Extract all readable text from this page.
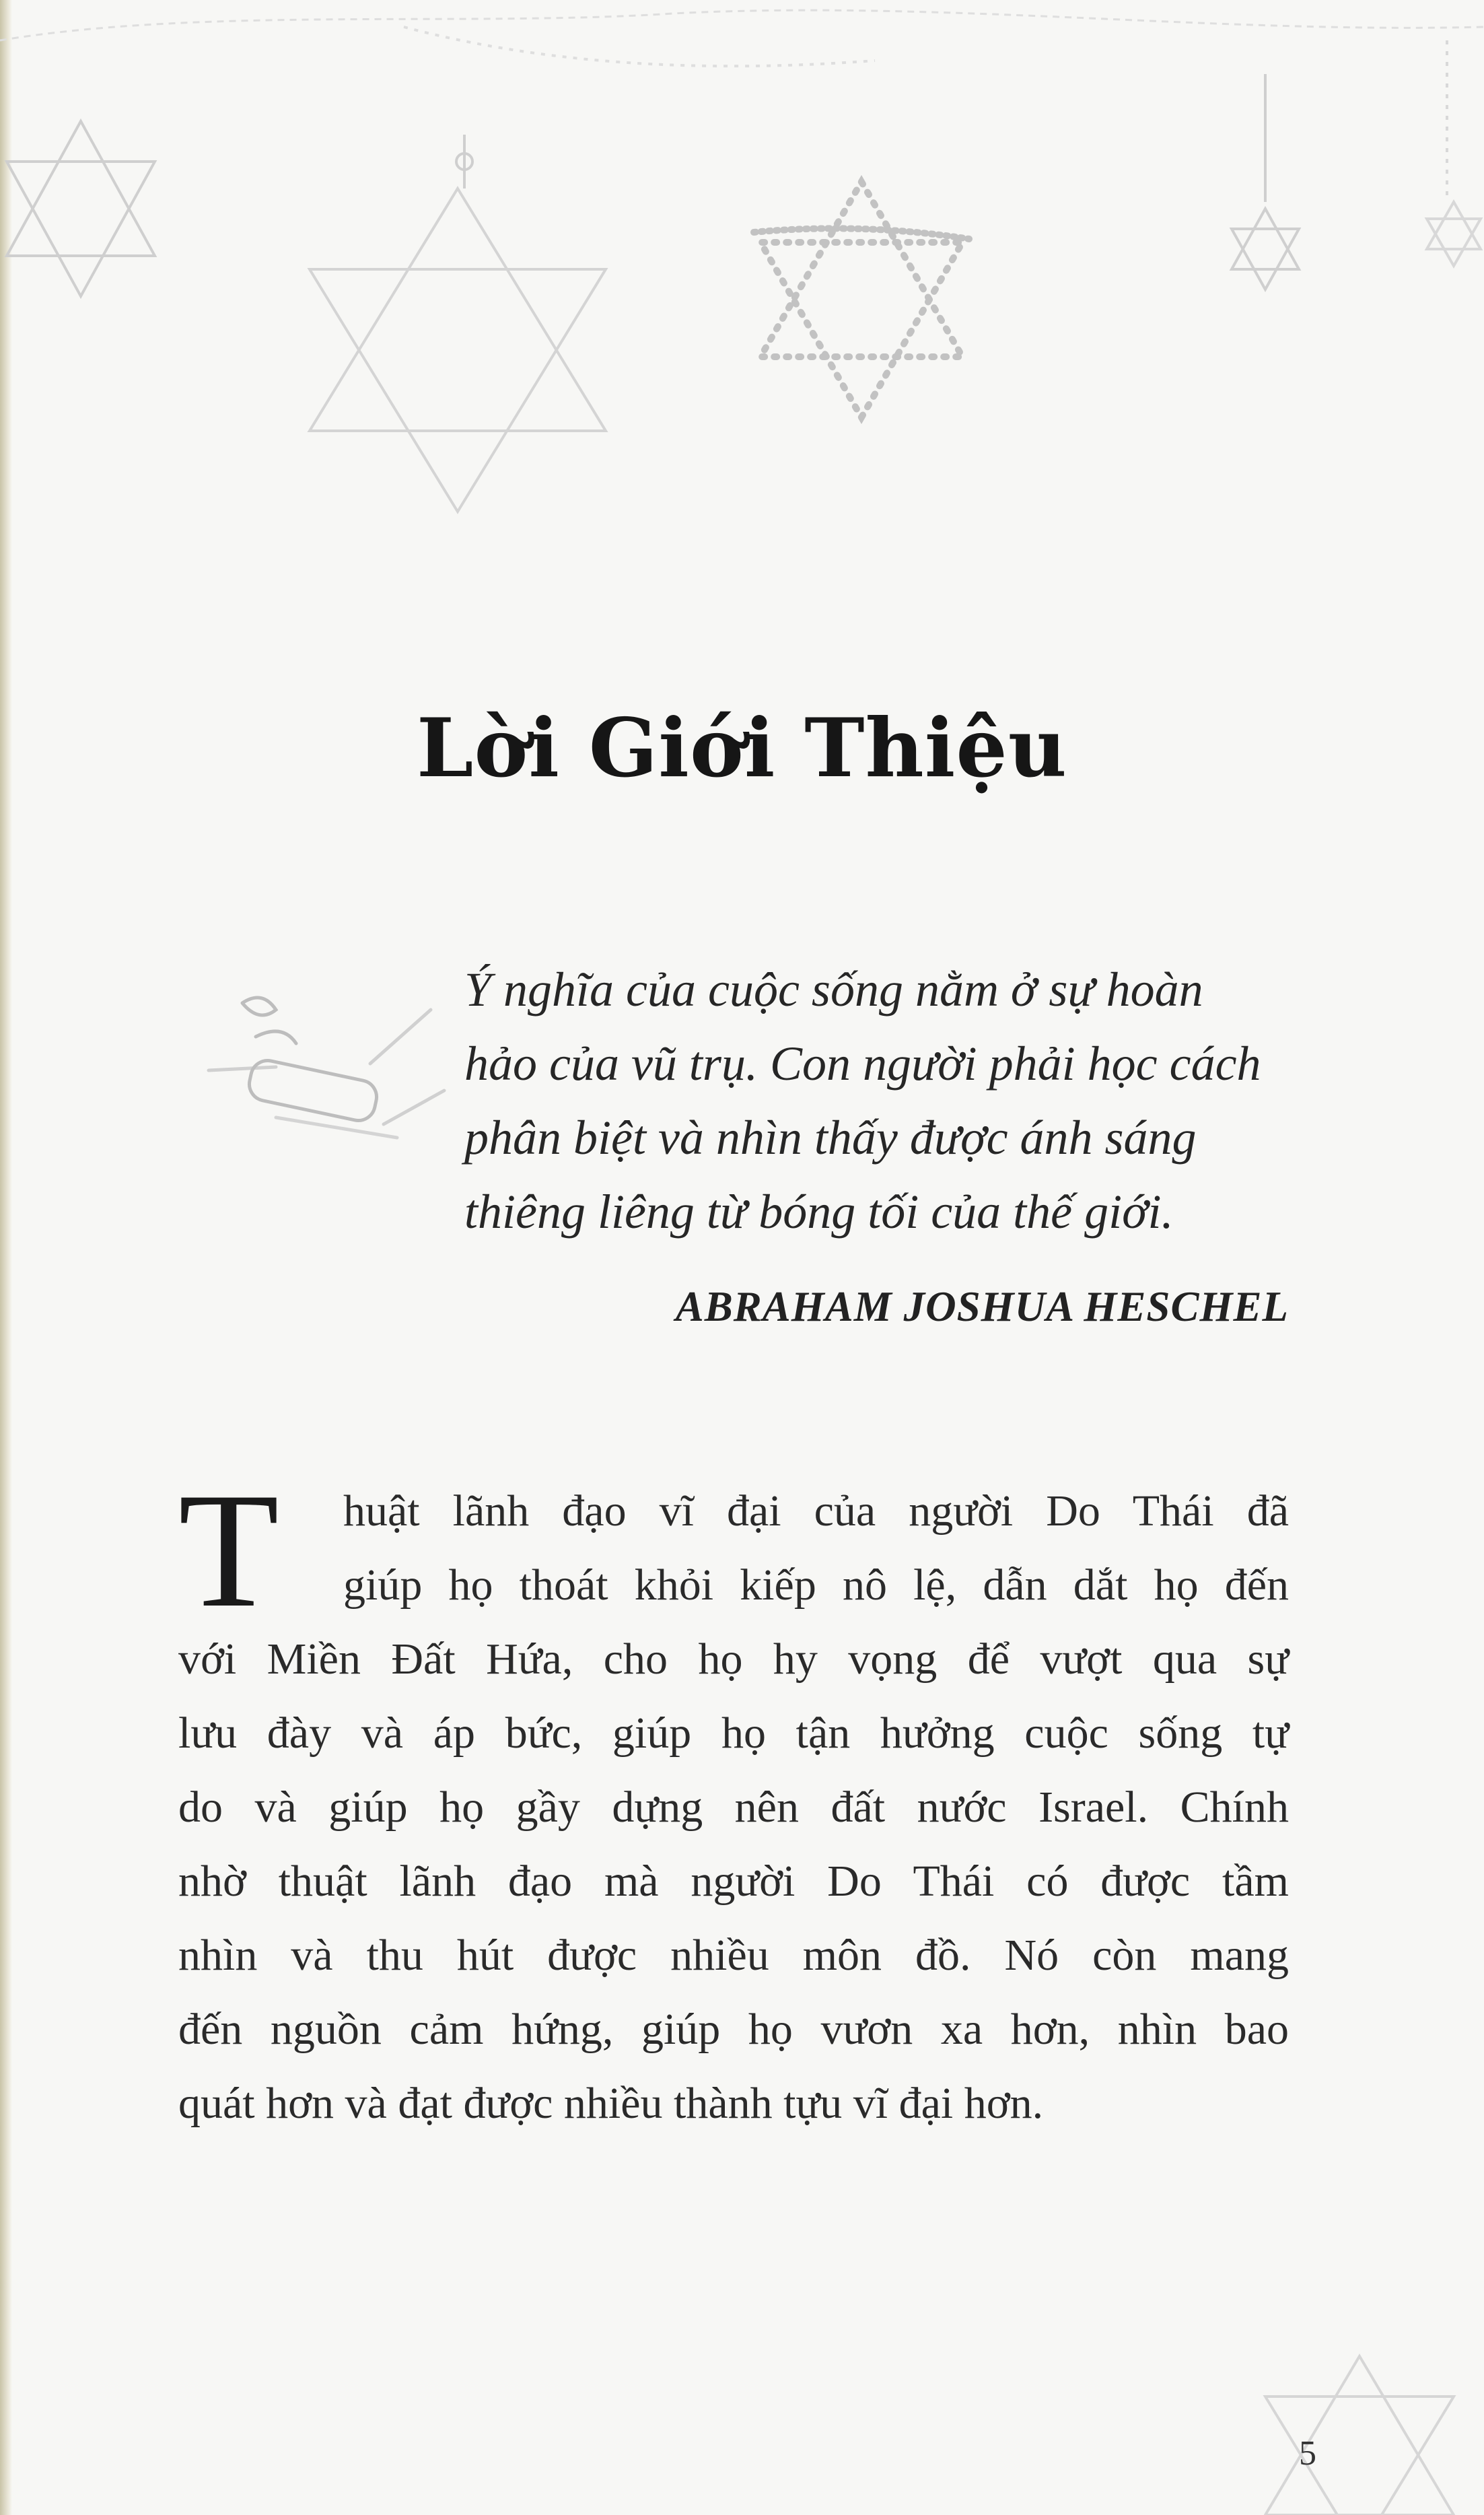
Lời Giới Thiệu
Ý nghĩa của cuộc sống nằm ở sự hoàn
hảo của vũ trụ. Con người phải học cách
phân biệt và nhìn thấy được ánh sáng
thiêng liêng từ bóng tối của thế giới.
ABRAHAM JOSHUA HESCHEL
T huật lãnh đạo vĩ đại của người Do Thái đã
giúp họ thoát khỏi kiếp nô lệ, dẫn dắt họ đến
với Miền Đất Hứa, cho họ hy vọng để vượt qua sự
lưu đày và áp bức, giúp họ tận hưởng cuộc sống tự
do và giúp họ gầy dựng nên đất nước Israel. Chính
nhờ thuật lãnh đạo mà người Do Thái có được tầm
nhìn và thu hút được nhiều môn đồ. Nó còn mang
đến nguồn cảm hứng, giúp họ vươn xa hơn, nhìn bao
quát hơn và đạt được nhiều thành tựu vĩ đại hơn.
5
